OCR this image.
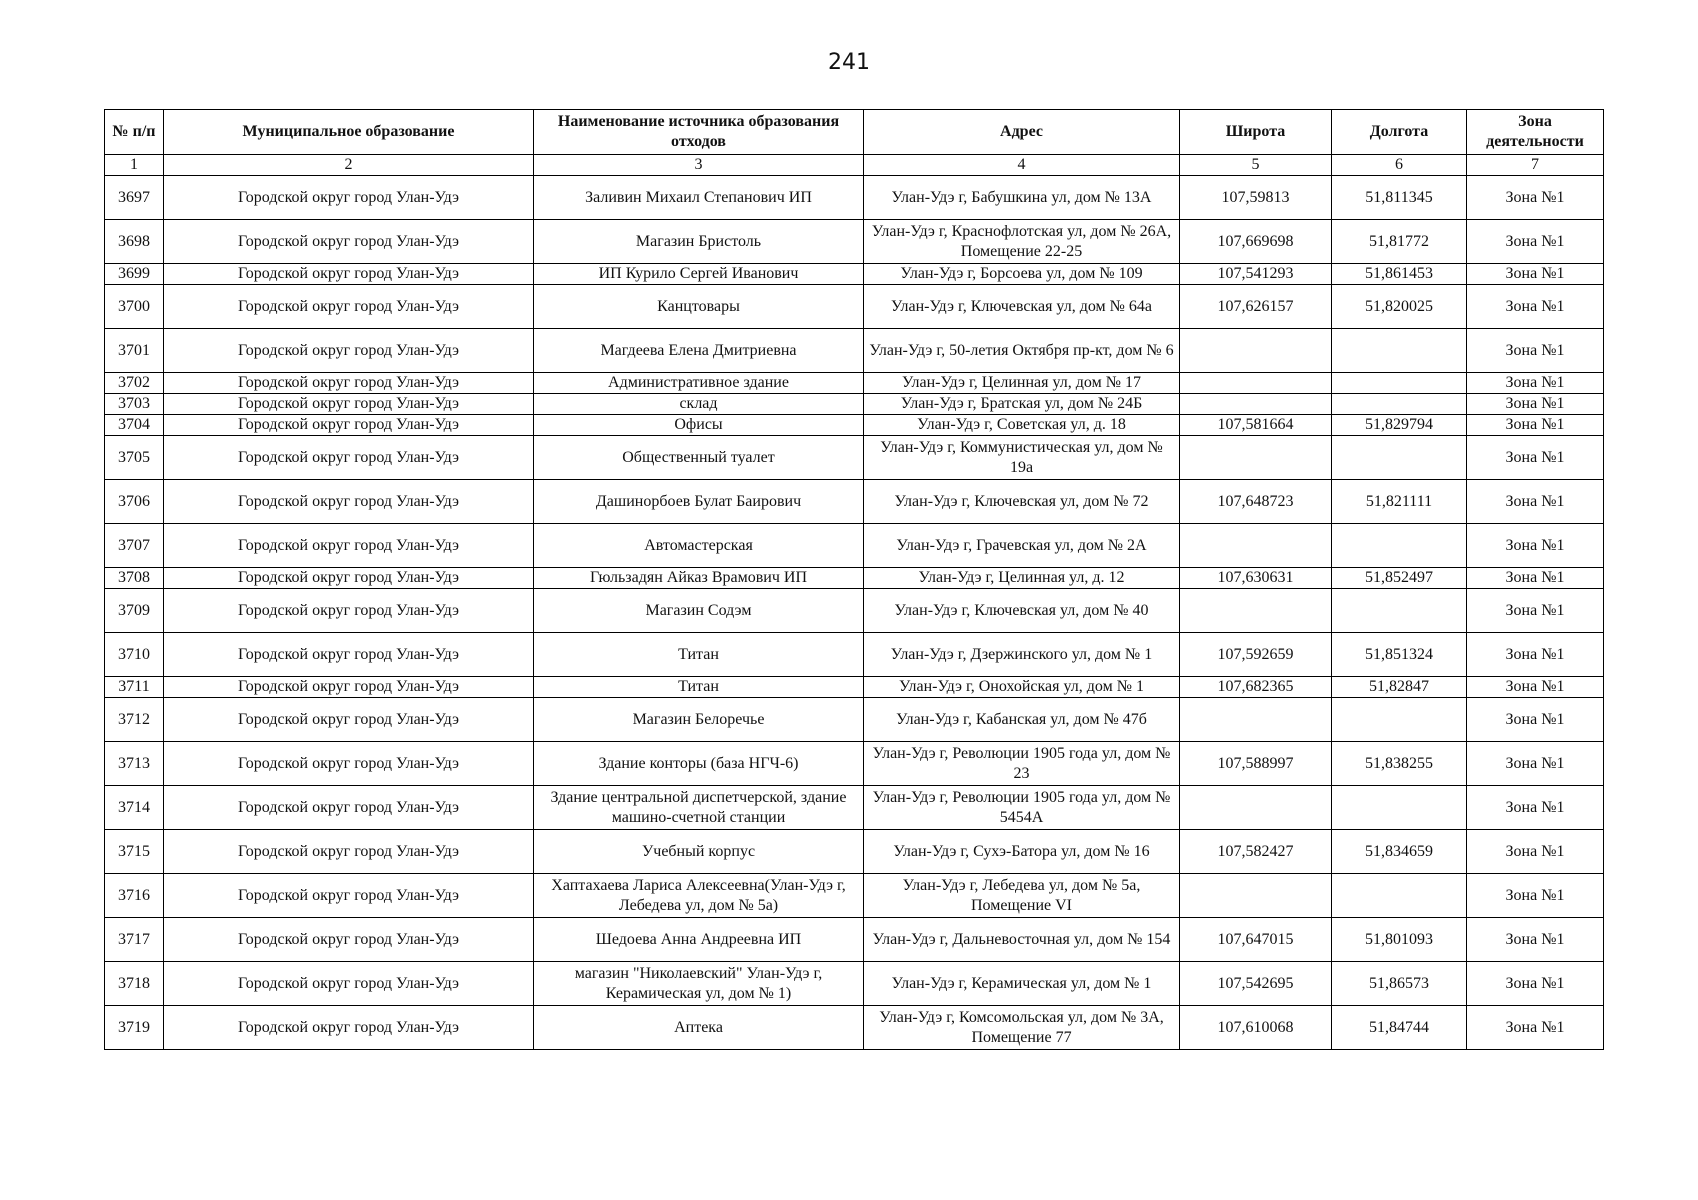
241
№ п/п	Муниципальное образование	Наименование источника образования отходов	Адрес	Широта	Долгота	Зона деятельности
1	2	3	4	5	6	7
3697	Городской округ город Улан-Удэ	Заливин Михаил Степанович ИП	Улан-Удэ г, Бабушкина ул, дом № 13А	107,59813	51,811345	Зона №1
3698	Городской округ город Улан-Удэ	Магазин Бристоль	Улан-Удэ г, Краснофлотская ул, дом № 26А, Помещение 22-25	107,669698	51,81772	Зона №1
3699	Городской округ город Улан-Удэ	ИП Курило Сергей Иванович	Улан-Удэ г, Борсоева ул, дом № 109	107,541293	51,861453	Зона №1
3700	Городской округ город Улан-Удэ	Канцтовары	Улан-Удэ г, Ключевская ул, дом № 64а	107,626157	51,820025	Зона №1
3701	Городской округ город Улан-Удэ	Магдеева Елена Дмитриевна	Улан-Удэ г, 50-летия Октября пр-кт, дом № 6			Зона №1
3702	Городской округ город Улан-Удэ	Административное здание	Улан-Удэ г, Целинная ул, дом № 17			Зона №1
3703	Городской округ город Улан-Удэ	склад	Улан-Удэ г, Братская ул, дом № 24Б			Зона №1
3704	Городской округ город Улан-Удэ	Офисы	Улан-Удэ г, Советская ул, д. 18	107,581664	51,829794	Зона №1
3705	Городской округ город Улан-Удэ	Общественный туалет	Улан-Удэ г, Коммунистическая ул, дом № 19а			Зона №1
3706	Городской округ город Улан-Удэ	Дашинорбоев Булат Баирович	Улан-Удэ г, Ключевская ул, дом № 72	107,648723	51,821111	Зона №1
3707	Городской округ город Улан-Удэ	Автомастерская	Улан-Удэ г, Грачевская ул, дом № 2А			Зона №1
3708	Городской округ город Улан-Удэ	Гюльзадян Айказ Врамович ИП	Улан-Удэ г, Целинная ул, д. 12	107,630631	51,852497	Зона №1
3709	Городской округ город Улан-Удэ	Магазин Содэм	Улан-Удэ г, Ключевская ул, дом № 40			Зона №1
3710	Городской округ город Улан-Удэ	Титан	Улан-Удэ г, Дзержинского ул, дом № 1	107,592659	51,851324	Зона №1
3711	Городской округ город Улан-Удэ	Титан	Улан-Удэ г, Онохойская ул, дом № 1	107,682365	51,82847	Зона №1
3712	Городской округ город Улан-Удэ	Магазин Белоречье	Улан-Удэ г, Кабанская ул, дом № 47б			Зона №1
3713	Городской округ город Улан-Удэ	Здание конторы (база НГЧ-6)	Улан-Удэ г, Революции 1905 года ул, дом № 23	107,588997	51,838255	Зона №1
3714	Городской округ город Улан-Удэ	Здание центральной диспетчерской, здание машино-счетной станции	Улан-Удэ г, Революции 1905 года ул, дом № 5454А			Зона №1
3715	Городской округ город Улан-Удэ	Учебный корпус	Улан-Удэ г, Сухэ-Батора ул, дом № 16	107,582427	51,834659	Зона №1
3716	Городской округ город Улан-Удэ	Хаптахаева Лариса Алексеевна(Улан-Удэ г, Лебедева ул, дом № 5а)	Улан-Удэ г, Лебедева ул, дом № 5а, Помещение VI			Зона №1
3717	Городской округ город Улан-Удэ	Шедоева Анна Андреевна ИП	Улан-Удэ г, Дальневосточная ул, дом № 154	107,647015	51,801093	Зона №1
3718	Городской округ город Улан-Удэ	магазин "Николаевский" Улан-Удэ г, Керамическая ул, дом № 1)	Улан-Удэ г, Керамическая ул, дом № 1	107,542695	51,86573	Зона №1
3719	Городской округ город Улан-Удэ	Аптека	Улан-Удэ г, Комсомольская ул, дом № 3А, Помещение 77	107,610068	51,84744	Зона №1
